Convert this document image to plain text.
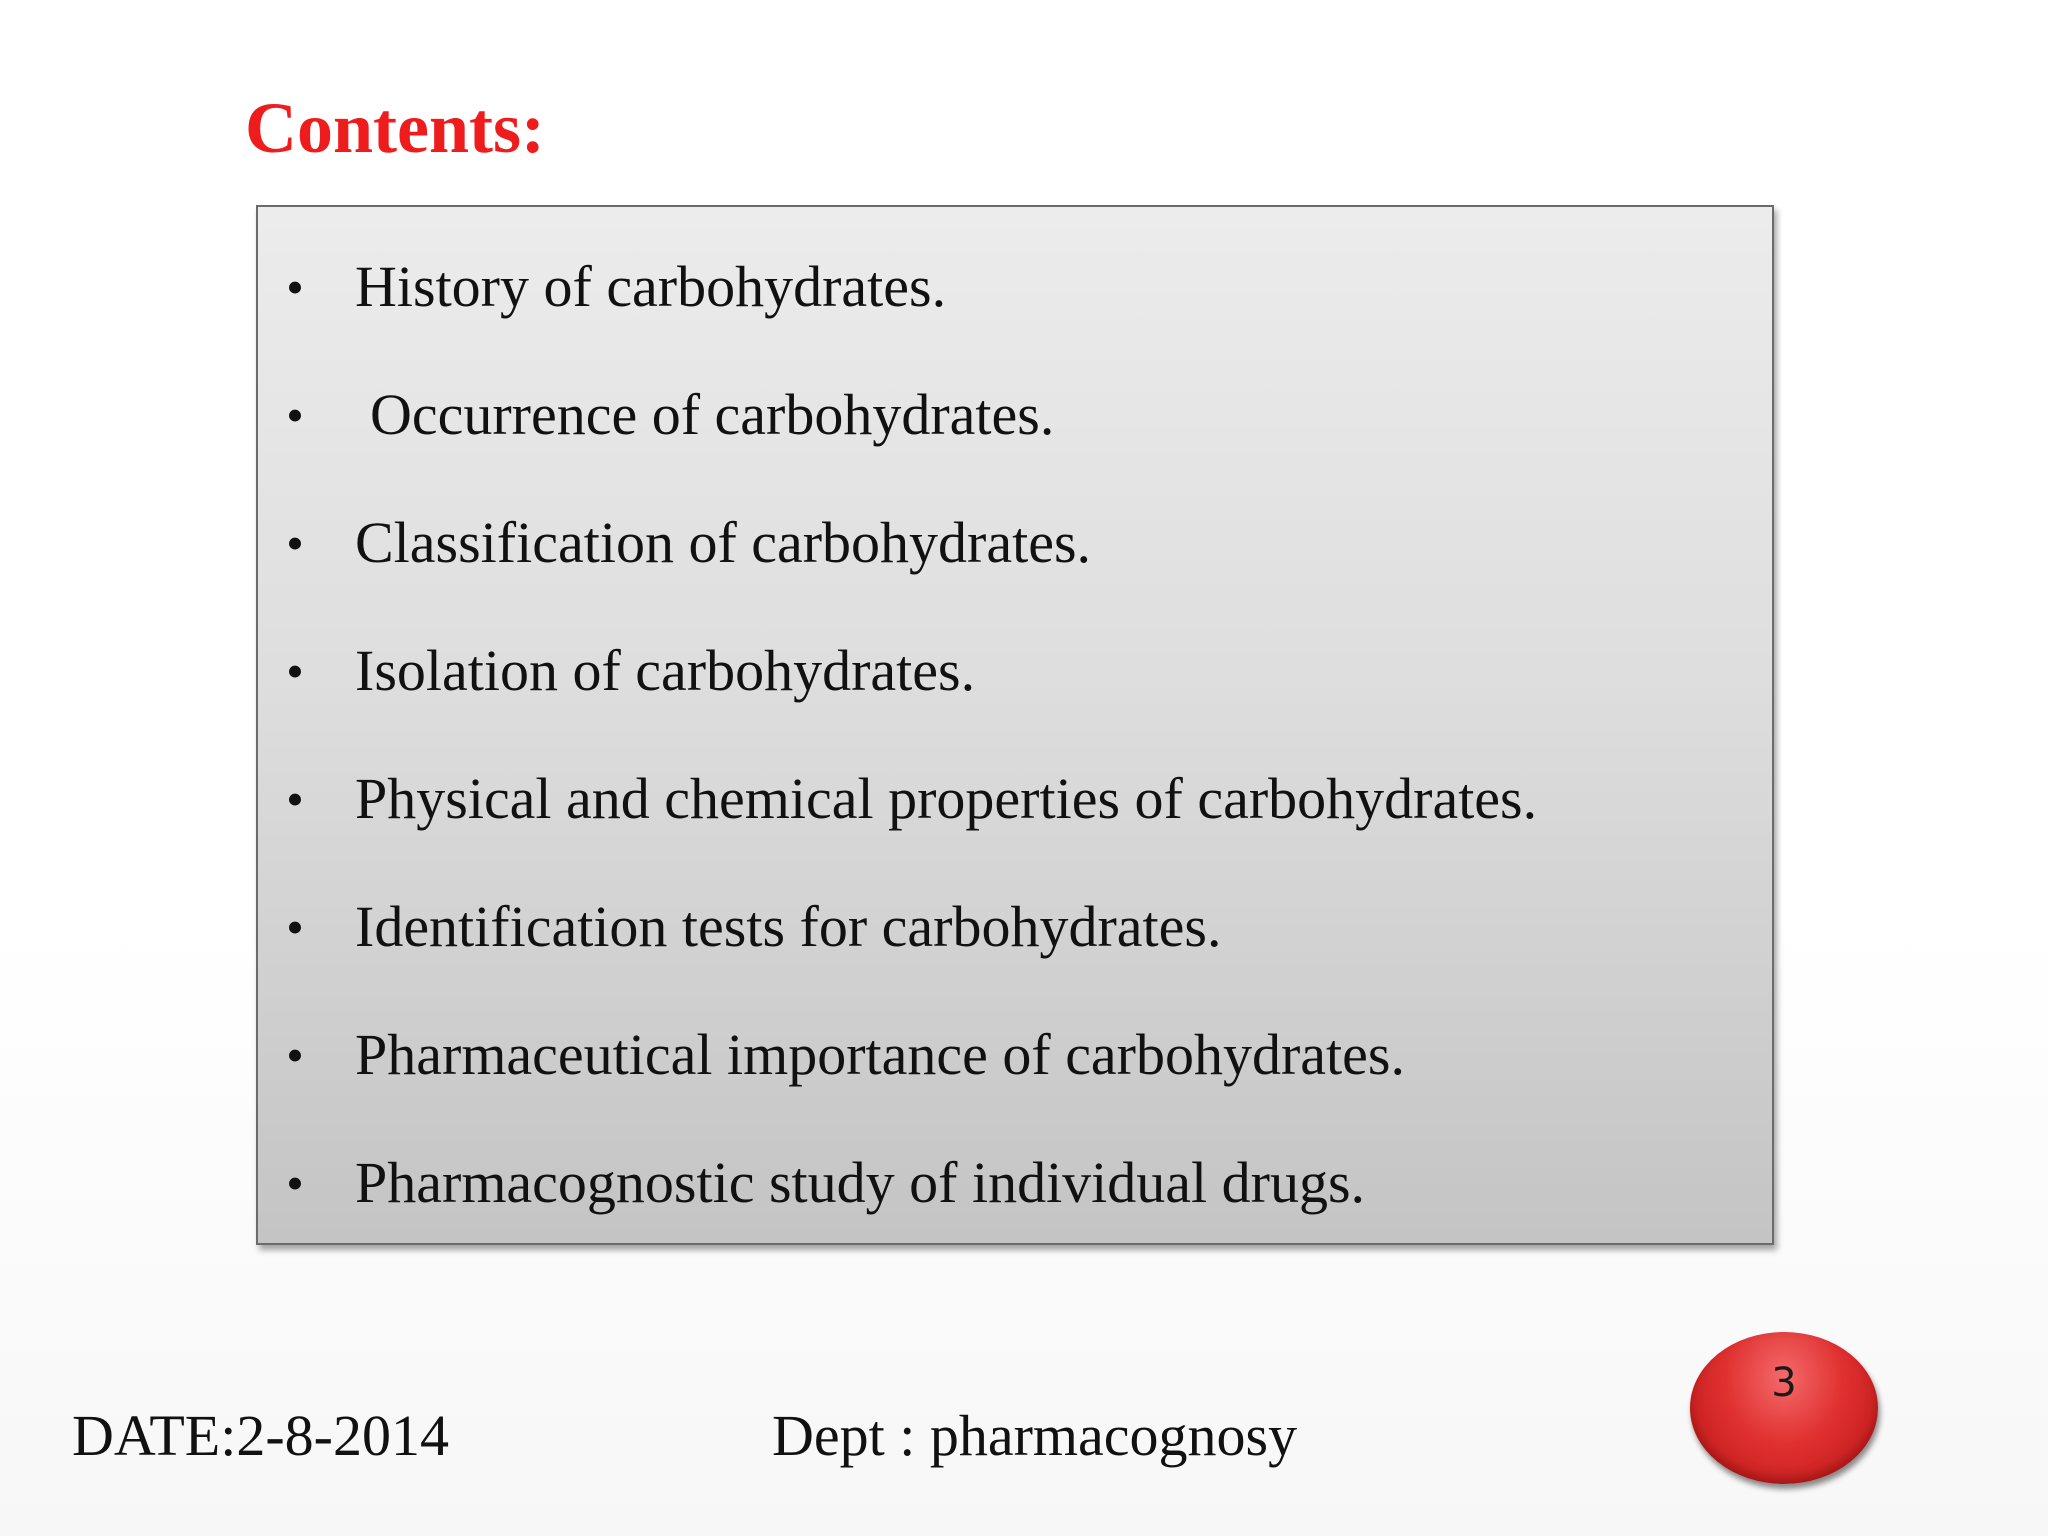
Contents:
• History of carbohydrates.
• Occurrence of carbohydrates.
• Classification of carbohydrates.
• Isolation of carbohydrates.
• Physical and chemical properties of carbohydrates.
• Identification tests for carbohydrates.
• Pharmaceutical importance of carbohydrates.
• Pharmacognostic study of individual drugs.
DATE:2-8-2014	Dept : pharmacognosy
3
